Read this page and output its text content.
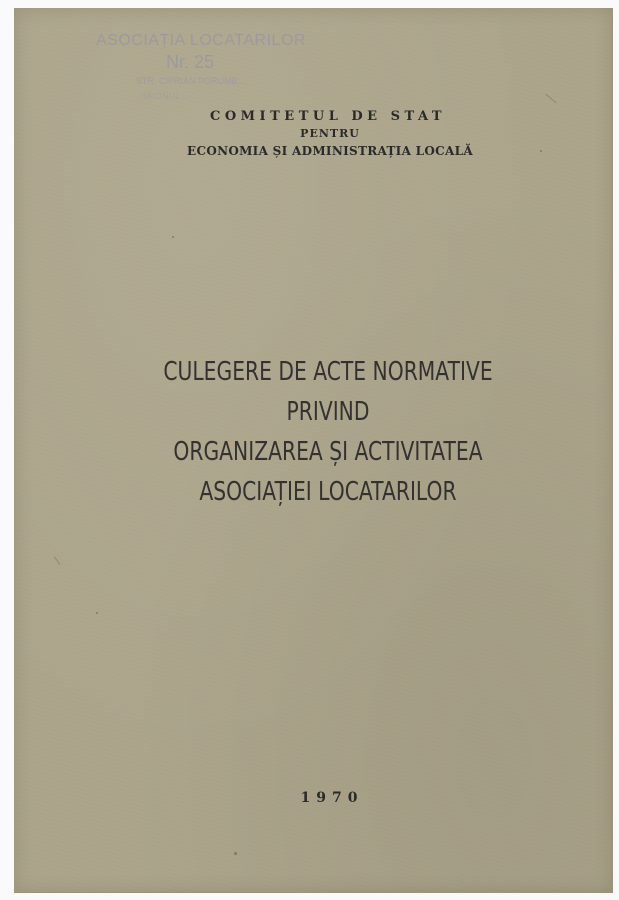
ASOCIAȚIA LOCATARILOR
Nr. 25
STR. CIPRIAN PORUMB...
RAIONUL ...
COMITETUL DE STAT
PENTRU
ECONOMIA ȘI ADMINISTRAȚIA LOCALĂ
CULEGERE DE ACTE NORMATIVE
PRIVIND
ORGANIZAREA ȘI ACTIVITATEA
ASOCIAȚIEI LOCATARILOR
1970
